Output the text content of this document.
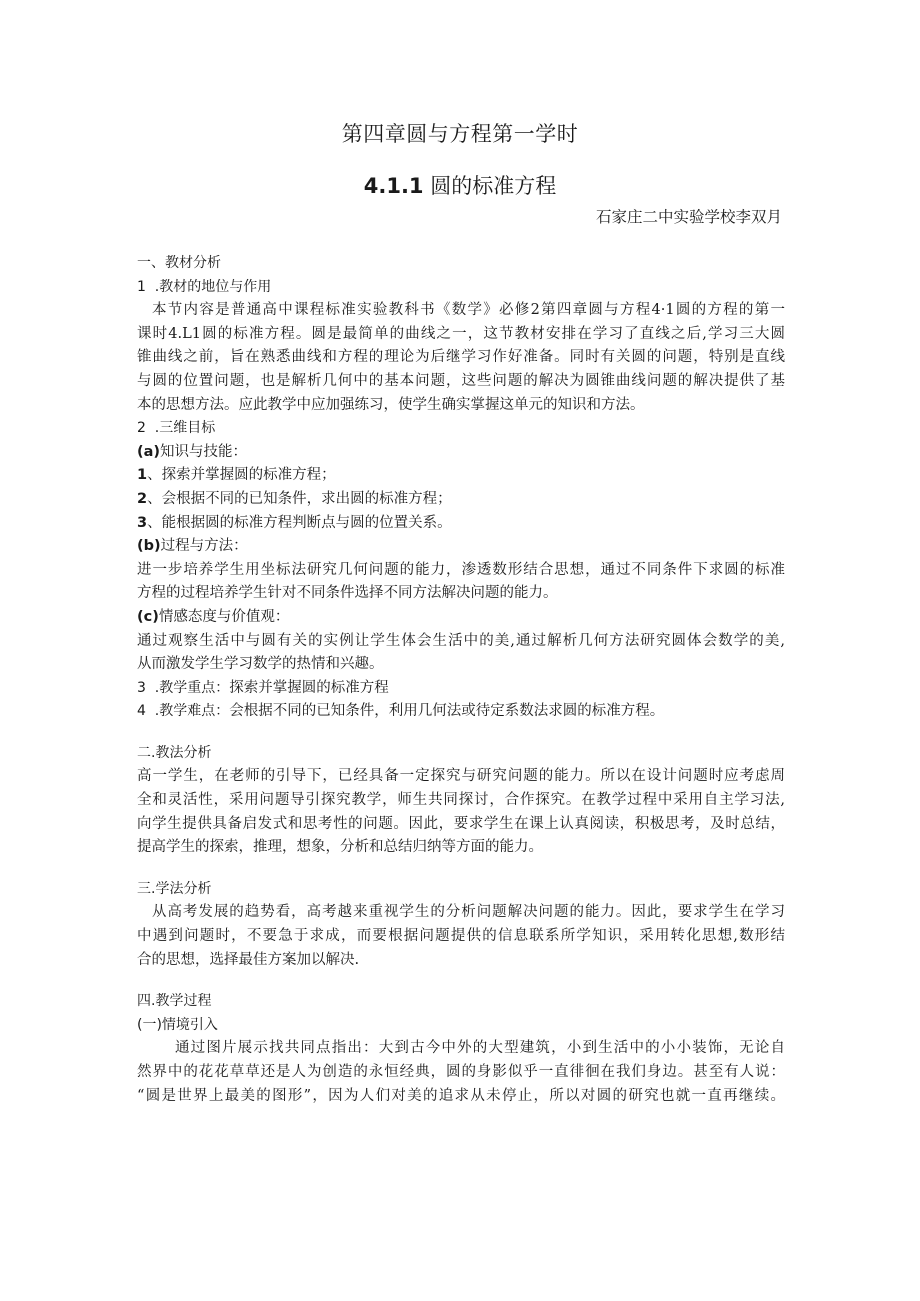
第四章圆与方程第一学时
4.1.1 圆的标准方程
石家庄二中实验学校李双月
一、教材分析
1  .教材的地位与作用
本节内容是普通高中课程标准实验教科书《数学》必修2第四章圆与方程4·1圆的方程的第一
课时4.L1圆的标准方程。圆是最简单的曲线之一，这节教材安排在学习了直线之后,学习三大圆
锥曲线之前，旨在熟悉曲线和方程的理论为后继学习作好准备。同时有关圆的问题，特别是直线
与圆的位置问题，也是解析几何中的基本问题，这些问题的解决为圆锥曲线问题的解决提供了基
本的思想方法。应此教学中应加强练习，使学生确实掌握这单元的知识和方法。
2  .三维目标
(a)知识与技能：
1、探索并掌握圆的标准方程；
2、会根据不同的已知条件，求出圆的标准方程；
3、能根据圆的标准方程判断点与圆的位置关系。
(b)过程与方法：
进一步培养学生用坐标法研究几何问题的能力，渗透数形结合思想，通过不同条件下求圆的标准
方程的过程培养学生针对不同条件选择不同方法解决问题的能力。
(c)情感态度与价值观：
通过观察生活中与圆有关的实例让学生体会生活中的美,通过解析几何方法研究圆体会数学的美,
从而激发学生学习数学的热情和兴趣。
3  .教学重点：探索并掌握圆的标准方程
4  .教学难点：会根据不同的已知条件，利用几何法或待定系数法求圆的标准方程。
二.教法分析
高一学生，在老师的引导下，已经具备一定探究与研究问题的能力。所以在设计问题时应考虑周
全和灵活性，采用问题导引探究教学，师生共同探讨，合作探究。在教学过程中采用自主学习法,
向学生提供具备启发式和思考性的问题。因此，要求学生在课上认真阅读，积极思考，及时总结，
提高学生的探索，推理，想象，分析和总结归纳等方面的能力。
三.学法分析
从高考发展的趋势看，高考越来重视学生的分析问题解决问题的能力。因此，要求学生在学习
中遇到问题时，不要急于求成，而要根据问题提供的信息联系所学知识，采用转化思想,数形结
合的思想，选择最佳方案加以解决.
四.教学过程
(一)情境引入
通过图片展示找共同点指出：大到古今中外的大型建筑，小到生活中的小小装饰，无论自
然界中的花花草草还是人为创造的永恒经典，圆的身影似乎一直徘徊在我们身边。甚至有人说：
“圆是世界上最美的图形”，因为人们对美的追求从未停止，所以对圆的研究也就一直再继续。
